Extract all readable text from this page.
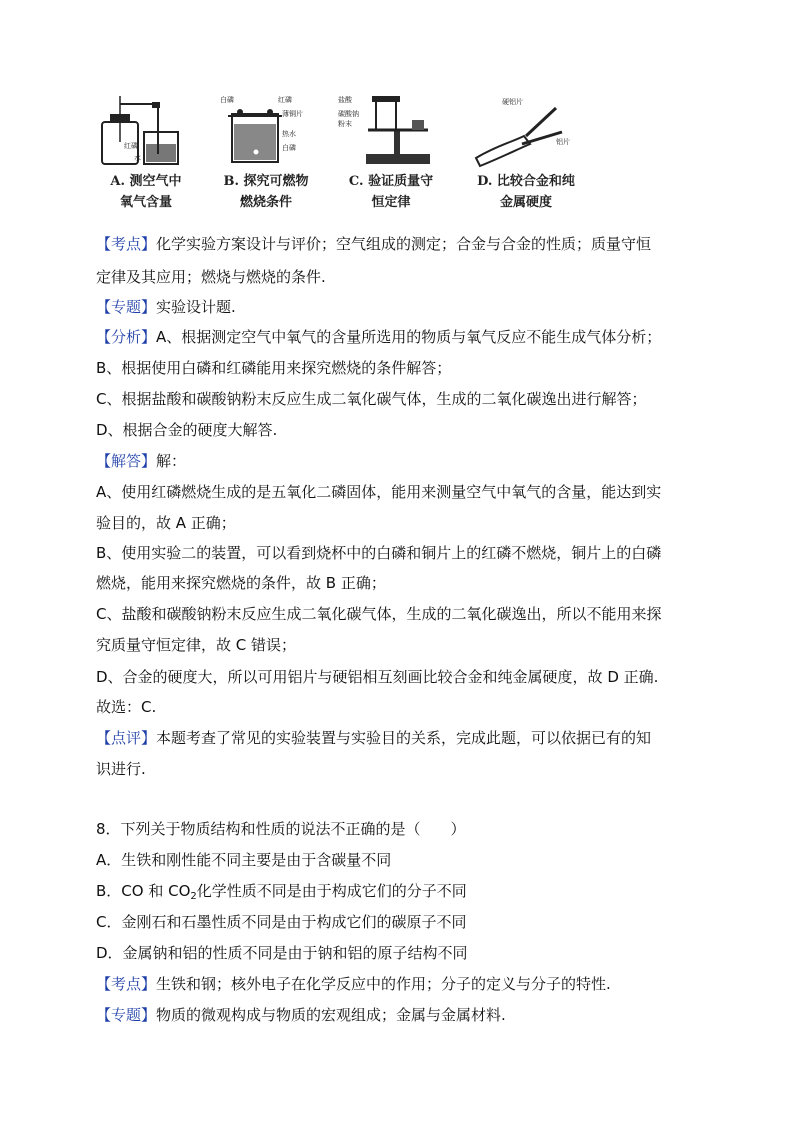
红磷
水
A. 测空气中
氧气含量
白磷	红磷
薄铜片
热水
白磷
B. 探究可燃物
燃烧条件
盐酸
碳酸钠
粉末
C. 验证质量守
恒定律
硬铝片
铝片
D. 比较合金和纯
金属硬度
【考点】化学实验方案设计与评价；空气组成的测定；合金与合金的性质；质量守恒
定律及其应用；燃烧与燃烧的条件.
【专题】实验设计题.
【分析】A、根据测定空气中氧气的含量所选用的物质与氧气反应不能生成气体分析；
B、根据使用白磷和红磷能用来探究燃烧的条件解答；
C、根据盐酸和碳酸钠粉末反应生成二氧化碳气体，生成的二氧化碳逸出进行解答；
D、根据合金的硬度大解答.
【解答】解：
A、使用红磷燃烧生成的是五氧化二磷固体，能用来测量空气中氧气的含量，能达到实
验目的，故 A 正确；
B、使用实验二的装置，可以看到烧杯中的白磷和铜片上的红磷不燃烧，铜片上的白磷
燃烧，能用来探究燃烧的条件，故 B 正确；
C、盐酸和碳酸钠粉末反应生成二氧化碳气体，生成的二氧化碳逸出，所以不能用来探
究质量守恒定律，故 C 错误；
D、合金的硬度大，所以可用铝片与硬铝相互刻画比较合金和纯金属硬度，故 D 正确.
故选：C.
【点评】本题考查了常见的实验装置与实验目的关系，完成此题，可以依据已有的知
识进行.
8．下列关于物质结构和性质的说法不正确的是（　　）
A．生铁和刚性能不同主要是由于含碳量不同
B．CO 和 $CO_2$化学性质不同是由于构成它们的分子不同
C．金刚石和石墨性质不同是由于构成它们的碳原子不同
D．金属钠和铝的性质不同是由于钠和铝的原子结构不同
【考点】生铁和钢；核外电子在化学反应中的作用；分子的定义与分子的特性.
【专题】物质的微观构成与物质的宏观组成；金属与金属材料.
